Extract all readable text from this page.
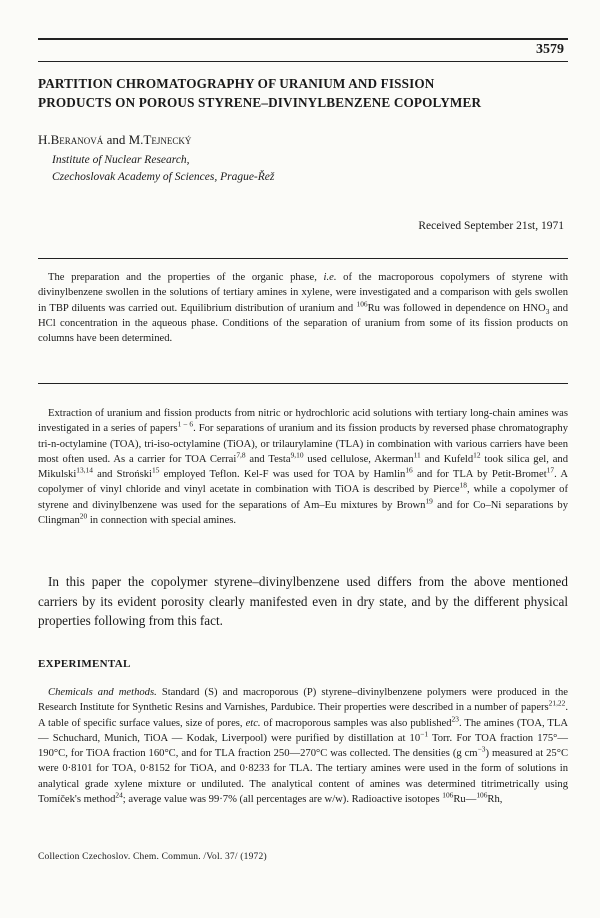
3579
PARTITION CHROMATOGRAPHY OF URANIUM AND FISSION
PRODUCTS ON POROUS STYRENE–DIVINYLBENZENE COPOLYMER
H.Beranová and M.Tejnecký
Institute of Nuclear Research,
Czechoslovak Academy of Sciences, Prague-Řež
Received September 21st, 1971

The preparation and the properties of the organic phase, i.e. of the macroporous copolymers of styrene with divinylbenzene swollen in the solutions of tertiary amines in xylene, were investigated and a comparison with gels swollen in TBP diluents was carried out. Equilibrium distribution of uranium and $^{106}$Ru was followed in dependence on $HNO_3$ and HCl concentration in the aqueous phase. Conditions of the separation of uranium from some of its fission products on columns have been determined.

Extraction of uranium and fission products from nitric or hydrochloric acid solutions with tertiary long-chain amines was investigated in a series of papers$^{1 - 6}$. For separations of uranium and its fission products by reversed phase chromatography tri-n-octylamine (TOA), tri-iso-octylamine (TiOA), or trilaurylamine (TLA) in combination with various carriers have been most often used. As a carrier for TOA Cerrai$^{7,8}$ and Testa$^{9,10}$ used cellulose, Akerman$^{11}$ and Kufeld$^{12}$ took silica gel, and Mikulski$^{13,14}$ and Stroński$^{15}$ employed Teflon. Kel-F was used for TOA by Hamlin$^{16}$ and for TLA by Petit-Bromet$^{17}$. A copolymer of vinyl chloride and vinyl acetate in combination with TiOA is described by Pierce$^{18}$, while a copolymer of styrene and divinylbenzene was used for the separations of Am–Eu mixtures by Brown$^{19}$ and for Co–Ni separations by Clingman$^{20}$ in connection with special amines.

In this paper the copolymer styrene–divinylbenzene used differs from the above mentioned carriers by its evident porosity clearly manifested even in dry state, and by the different physical properties following from this fact.

EXPERIMENTAL

Chemicals and methods. Standard (S) and macroporous (P) styrene–divinylbenzene polymers were produced in the Research Institute for Synthetic Resins and Varnishes, Pardubice. Their properties were described in a number of papers$^{21,22}$. A table of specific surface values, size of pores, etc. of macroporous samples was also published$^{23}$. The amines (TOA, TLA — Schuchard, Munich, TiOA — Kodak, Liverpool) were purified by distillation at $10^{-1}$ Torr. For TOA fraction 175°—190°C, for TiOA fraction 160°C, and for TLA fraction 250—270°C was collected. The densities (g $cm^{-3}$) measured at 25°C were 0·8101 for TOA, 0·8152 for TiOA, and 0·8233 for TLA. The tertiary amines were used in the form of solutions in analytical grade xylene mixture or undiluted. The analytical content of amines was determined titrimetrically using Tomíček's method$^{24}$; average value was 99·7% (all percentages are w/w). Radioactive isotopes $^{106}$Ru—$^{106}$Rh,

Collection Czechoslov. Chem. Commun. /Vol. 37/ (1972)
